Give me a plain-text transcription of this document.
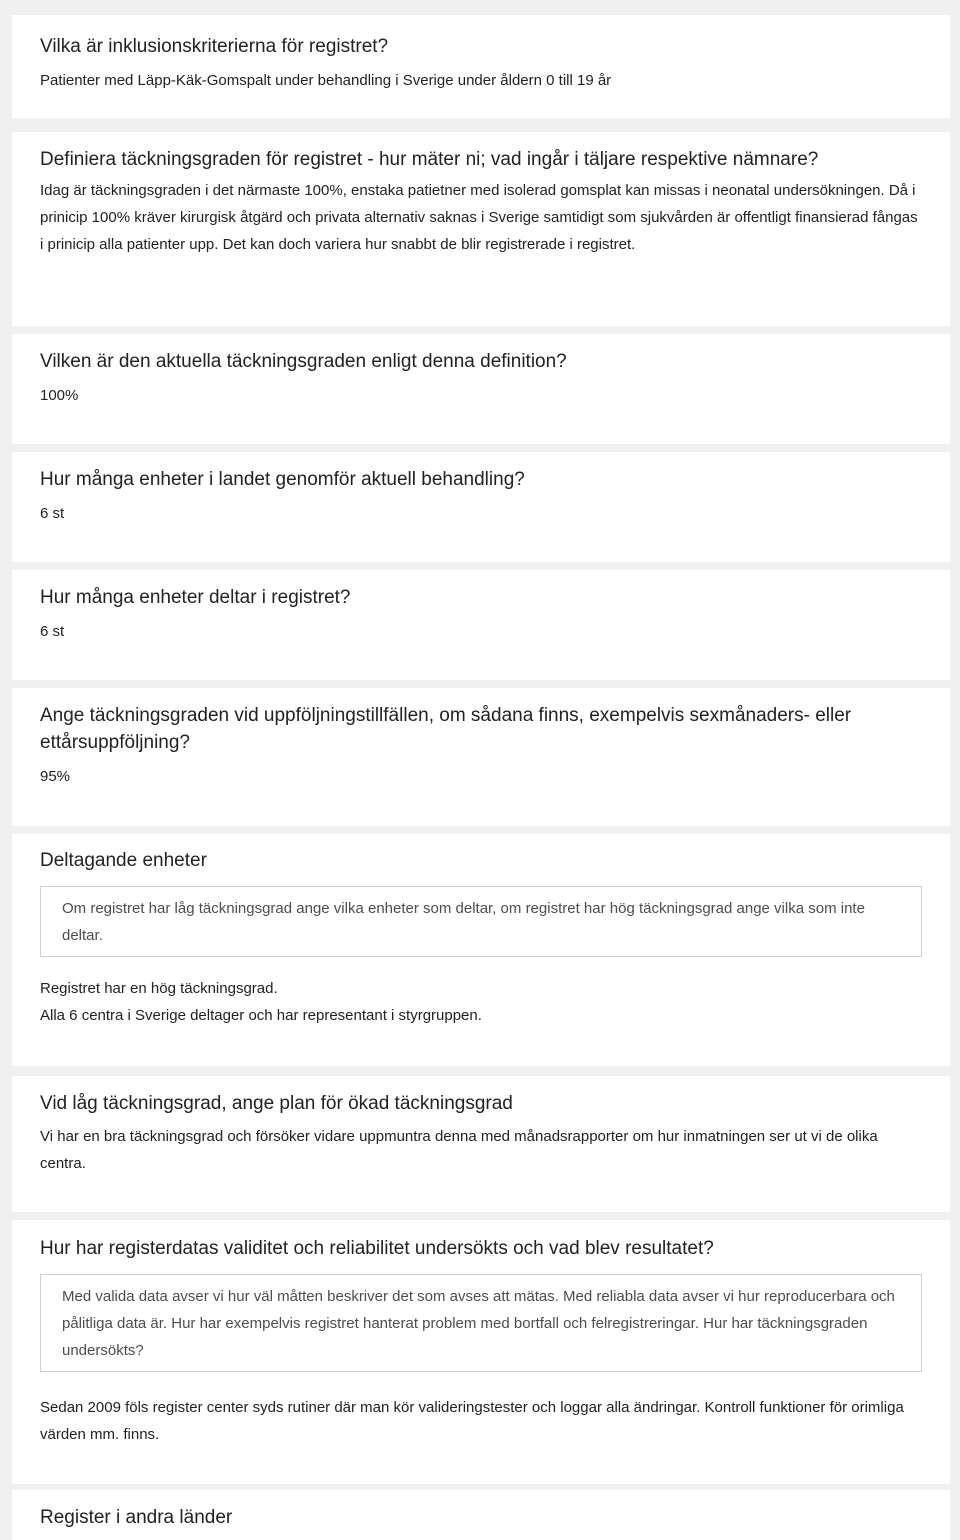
Vilka är inklusionskriterierna för registret?

Patienter med Läpp-Käk-Gomspalt under behandling i Sverige under åldern 0 till 19 år

Definiera täckningsgraden för registret - hur mäter ni; vad ingår i täljare respektive nämnare?

Idag är täckningsgraden i det närmaste 100%, enstaka patietner med isolerad gomsplat kan missas i neonatal undersökningen. Då i prinicip 100% kräver kirurgisk åtgärd och privata alternativ saknas i Sverige samtidigt som sjukvården är offentligt finansierad fångas i prinicip alla patienter upp. Det kan doch variera hur snabbt de blir registrerade i registret.

Vilken är den aktuella täckningsgraden enligt denna definition?

100%

Hur många enheter i landet genomför aktuell behandling?

6 st

Hur många enheter deltar i registret?

6 st

Ange täckningsgraden vid uppföljningstillfällen, om sådana finns, exempelvis sexmånaders- eller ettårsuppföljning?

95%

Deltagande enheter

Om registret har låg täckningsgrad ange vilka enheter som deltar, om registret har hög täckningsgrad ange vilka som inte deltar.

Registret har en hög täckningsgrad.

Alla 6 centra i Sverige deltager och har representant i styrgruppen.

Vid låg täckningsgrad, ange plan för ökad täckningsgrad

Vi har en bra täckningsgrad och försöker vidare uppmuntra denna med månadsrapporter om hur inmatningen ser ut vi de olika centra.

Hur har registerdatas validitet och reliabilitet undersökts och vad blev resultatet?

Med valida data avser vi hur väl måtten beskriver det som avses att mätas. Med reliabla data avser vi hur reproducerbara och pålitliga data är. Hur har exempelvis registret hanterat problem med bortfall och felregistreringar. Hur har täckningsgraden undersökts?

Sedan 2009 föls register center syds rutiner där man kör valideringstester och loggar alla ändringar. Kontroll funktioner för orimliga värden mm. finns.

Register i andra länder
